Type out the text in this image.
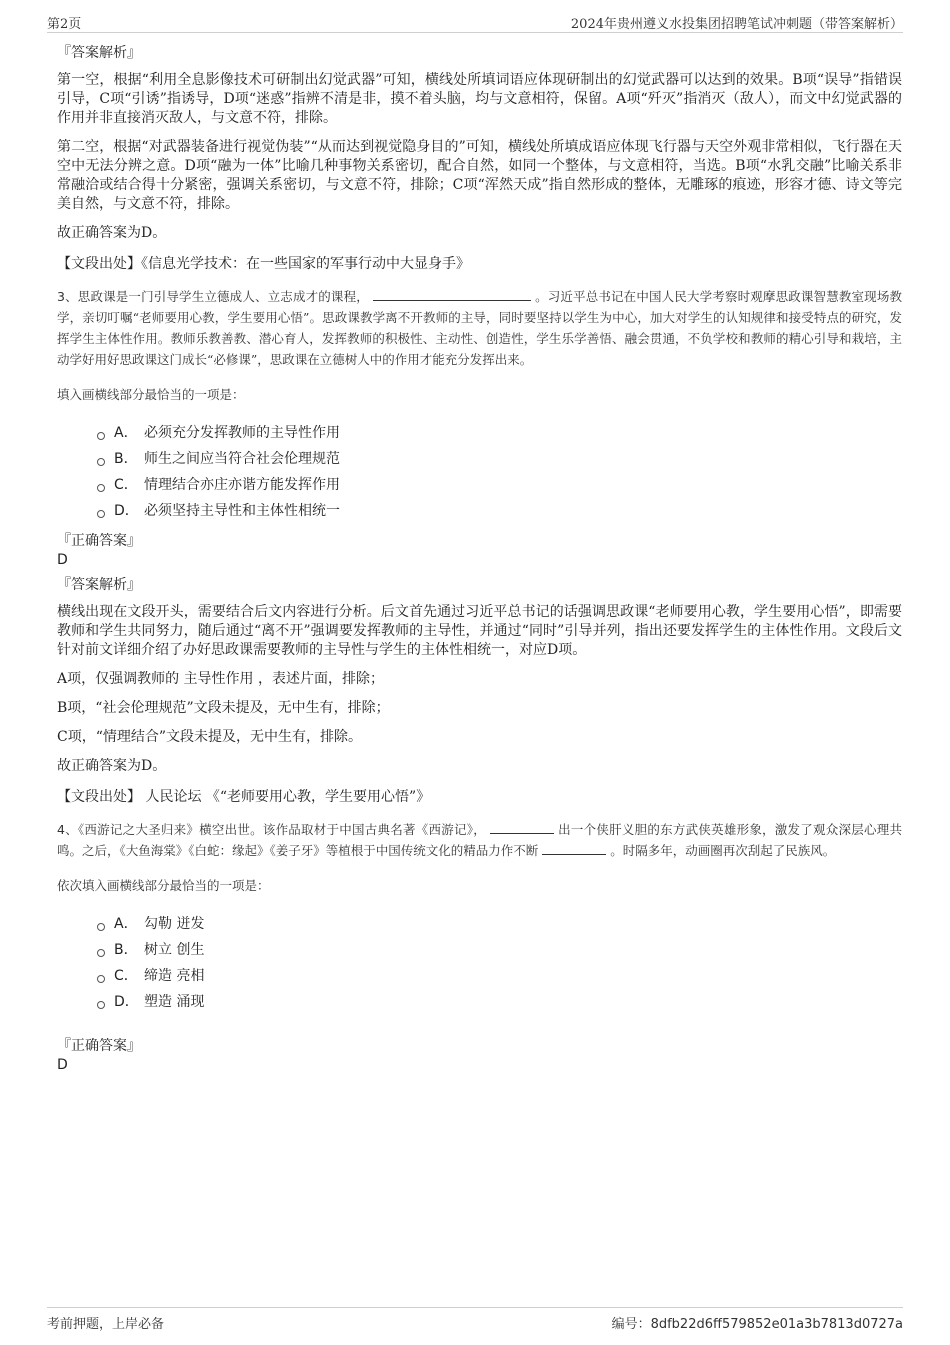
第2页	2024年贵州遵义水投集团招聘笔试冲刺题（带答案解析）

『答案解析』

第一空，根据“利用全息影像技术可研制出幻觉武器”可知，横线处所填词语应体现研制出的幻觉武器可以达到的效果。B项“误导”指错误引导，C项“引诱”指诱导，D项“迷惑”指辨不清是非，摸不着头脑，均与文意相符，保留。A项“歼灭”指消灭（敌人），而文中幻觉武器的作用并非直接消灭敌人，与文意不符，排除。

第二空，根据“对武器装备进行视觉伪装”“从而达到视觉隐身目的”可知，横线处所填成语应体现飞行器与天空外观非常相似，飞行器在天空中无法分辨之意。D项“融为一体”比喻几种事物关系密切，配合自然，如同一个整体，与文意相符，当选。B项“水乳交融”比喻关系非常融洽或结合得十分紧密，强调关系密切，与文意不符，排除；C项“浑然天成”指自然形成的整体，无雕琢的痕迹，形容才德、诗文等完美自然，与文意不符，排除。

故正确答案为D。

【文段出处】《信息光学技术：在一些国家的军事行动中大显身手》

3、思政课是一门引导学生立德成人、立志成才的课程，	。习近平总书记在中国人民大学考察时观摩思政课智慧教室现场教学，亲切叮嘱“老师要用心教，学生要用心悟”。思政课教学离不开教师的主导，同时要坚持以学生为中心，加大对学生的认知规律和接受特点的研究，发挥学生主体性作用。教师乐教善教、潜心育人，发挥教师的积极性、主动性、创造性，学生乐学善悟、融会贯通，不负学校和教师的精心引导和栽培，主动学好用好思政课这门成长“必修课”，思政课在立德树人中的作用才能充分发挥出来。

填入画横线部分最恰当的一项是：

A． 必须充分发挥教师的主导性作用
B． 师生之间应当符合社会伦理规范
C． 情理结合亦庄亦谐方能发挥作用
D． 必须坚持主导性和主体性相统一

『正确答案』

D

『答案解析』

横线出现在文段开头，需要结合后文内容进行分析。后文首先通过习近平总书记的话强调思政课“老师要用心教，学生要用心悟”，即需要教师和学生共同努力，随后通过“离不开”强调要发挥教师的主导性，并通过“同时”引导并列，指出还要发挥学生的主体性作用。文段后文针对前文详细介绍了办好思政课需要教师的主导性与学生的主体性相统一，对应D项。

A项，仅强调教师的 主导性作用 ，表述片面，排除；

B项，“社会伦理规范”文段未提及，无中生有，排除；

C项，“情理结合”文段未提及，无中生有，排除。

故正确答案为D。

【文段出处】 人民论坛 《“老师要用心教，学生要用心悟”》

4、《西游记之大圣归来》横空出世。该作品取材于中国古典名著《西游记》，	出一个侠肝义胆的东方武侠英雄形象，激发了观众深层心理共鸣。之后，《大鱼海棠》《白蛇：缘起》《姜子牙》等植根于中国传统文化的精品力作不断	。时隔多年，动画圈再次刮起了民族风。

依次填入画横线部分最恰当的一项是：

A． 勾勒 迸发
B． 树立 创生
C． 缔造 亮相
D． 塑造 涌现

『正确答案』

D

考前押题，上岸必备	编号：8dfb22d6ff579852e01a3b7813d0727a
